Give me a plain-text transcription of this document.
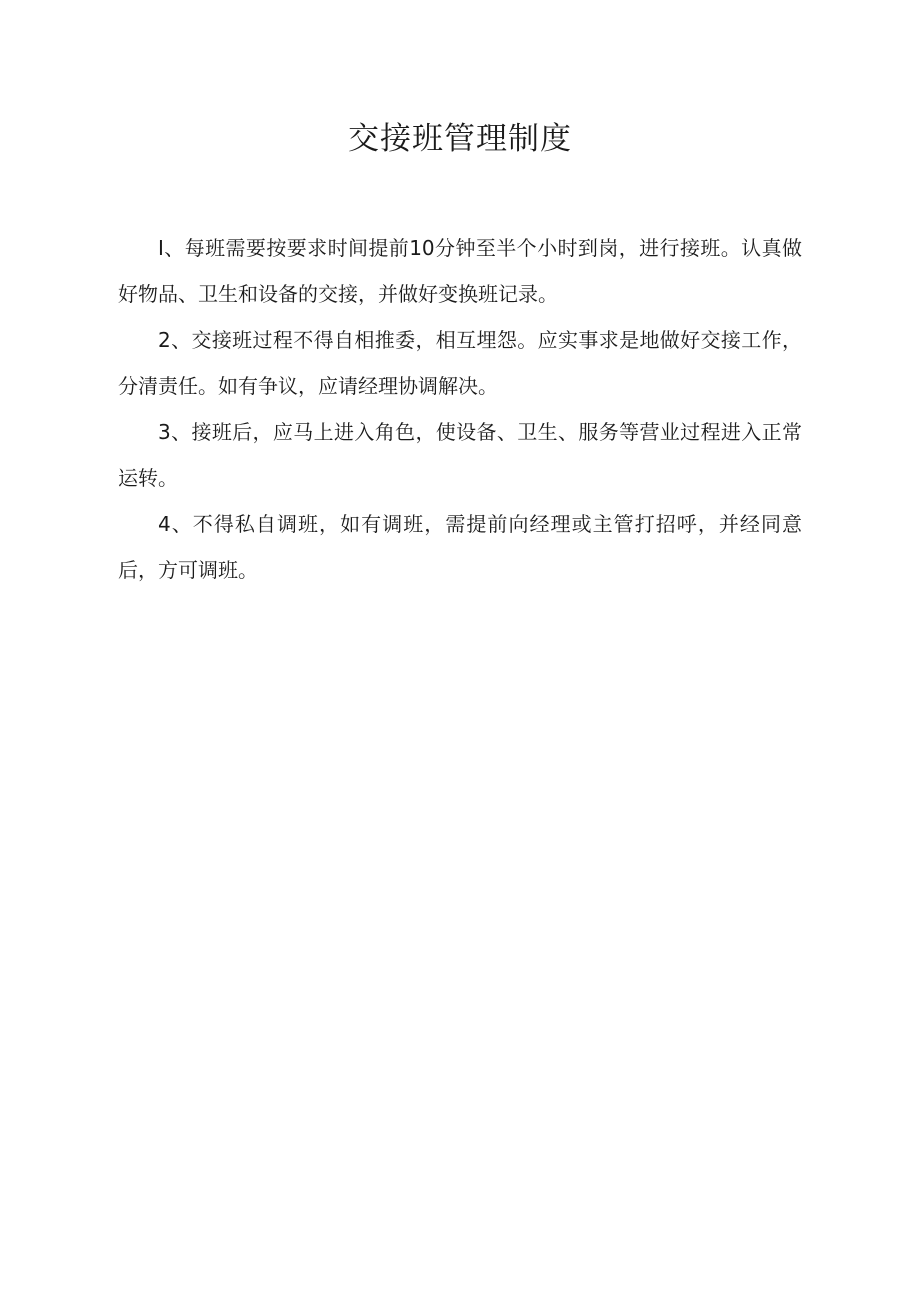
交接班管理制度

I、每班需要按要求时间提前10分钟至半个小时到岗，进行接班。认真做好物品、卫生和设备的交接，并做好变换班记录。

2、交接班过程不得自相推委，相互埋怨。应实事求是地做好交接工作，分清责任。如有争议，应请经理协调解决。

3、接班后，应马上进入角色，使设备、卫生、服务等营业过程进入正常运转。

4、不得私自调班，如有调班，需提前向经理或主管打招呼，并经同意后，方可调班。
